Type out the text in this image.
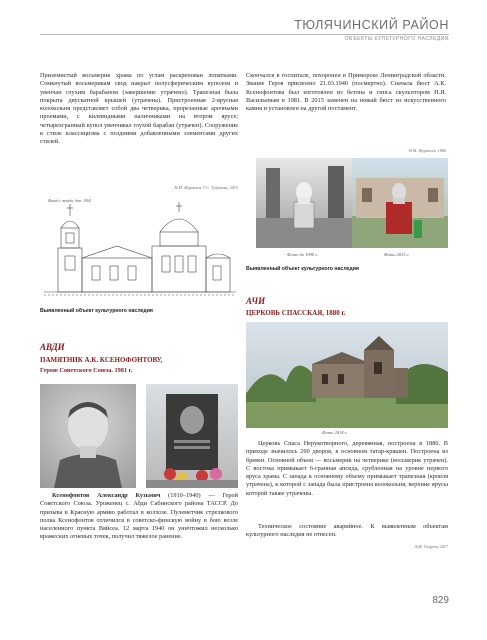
ТЮЛЯЧИНСКИЙ РАЙОН
ОБЪЕКТЫ КУЛЬТУРНОГО НАСЛЕДИЯ
Приземистый восьмерик храма по углам раскрепован лопатками. Сомкнутый восьмерикам свод накрыт полусферическим куполом и увенчан глухим барабаном (завершение утрачено). Трапезная была покрыта двускатной крышей (утрачена). Пристроенная 2-ярусная колокольня представляет собой два четверика, прорезанные арочными проемами, с килевидными наличниками на втором ярусе; четырехгранный купол увенчивал глухой барабан (утрачен). Сооружение в стиле классицизма с поздними добавленными элементами других стилей.
Н.М. Журавлев, Г.С. Тубанова, 2015
Фасад с запада, дет. 1964
Выявленный объект культурного наследия
Скончался в госпитале, похоронен в Приморске Ленинградской области. Звание Героя присвоено 21.03.1940 (посмертно). Сначала бюст А.К. Ксенофонтова был изготовлен из бетона и гипса скульптором Н.Я. Васильевым в 1981. В 2015 заменен на новый бюст из искусственного камня и установлен на другой постамент.
Н.М. Журавлев, 1986
Фото до 1990 г.	Фото 2015 г.
Выявленный объект культурного наследия
АЧИ
ЦЕРКОВЬ СПАССКАЯ, 1880 г.
Фото 2014 г.
Церковь Спаса Нерукотворного, деревянная, построена в 1880. В приходе значилось 200 дворов, в основном татар-кряшен. Построена из бревен. Основной объем — восьмерик на четверике (восьмерик утрачен). С востока примыкает 6-гранная апсида, срубленная на уровне первого яруса храма. С запада к основному объему примыкает трапезная (кровля утрачена), к которой с запада была пристроена колокольня, верхние ярусы которой также утрачены.
Техническое состояние аварийное. К выявленным объектам культурного наследия не отнесен.
А.М. Газуров, 2017
АВДИ
ПАМЯТНИК А.К. КСЕНОФОНТОВУ,
Герою Советского Союза. 1981 г.
Ксенофонтов Александр Кузьмич (1910–1940) — Герой Советского Союза. Уроженец с. Абди Сабинского района ТАССР. До призыва в Красную армию работал в колхозе. Пулеметчик стрелкового полка Ксенофонтов отличился в советско-финскую войну в бою возле населенного пункта Вяйсеа. 12 марта 1940 он уничтожил несколько вражеских огневых точек, получил тяжелое ранение.
829
